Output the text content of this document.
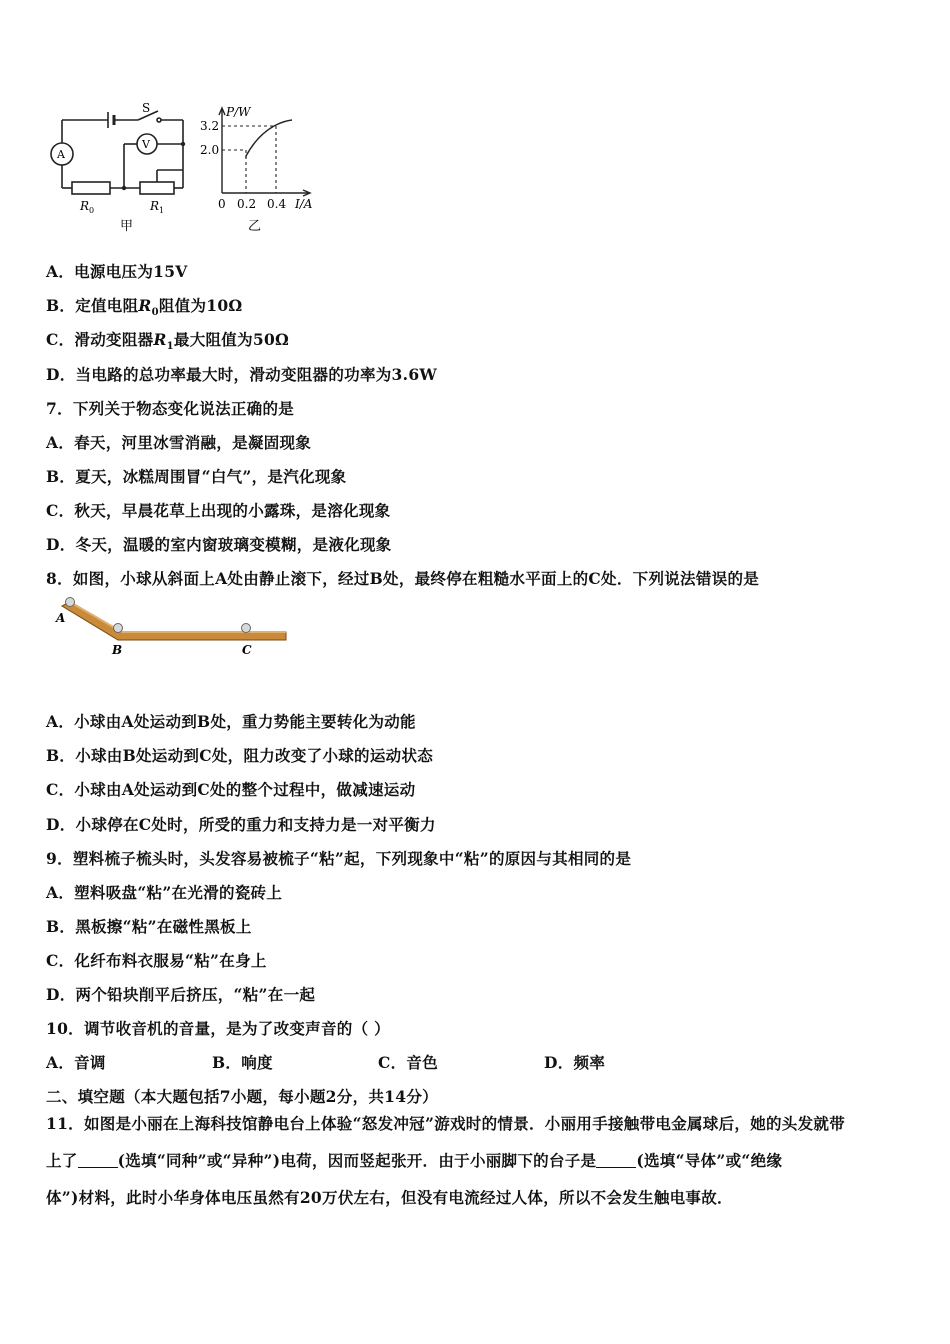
S
A
V
$R_0$	$R_1$
甲
P/W
3.2
2.0
0 0.2 0.4 I/A
乙
A．电源电压为15V
B．定值电阻$R_0$阻值为10Ω
C．滑动变阻器$R_1$最大阻值为50Ω
D．当电路的总功率最大时，滑动变阻器的功率为3.6W
7．下列关于物态变化说法正确的是
A．春天，河里冰雪消融，是凝固现象
B．夏天，冰糕周围冒“白气”，是汽化现象
C．秋天，早晨花草上出现的小露珠，是溶化现象
D．冬天，温暖的室内窗玻璃变模糊，是液化现象
8．如图，小球从斜面上A处由静止滚下，经过B处，最终停在粗糙水平面上的C处．下列说法错误的是
A
B	C
A．小球由A处运动到B处，重力势能主要转化为动能
B．小球由B处运动到C处，阻力改变了小球的运动状态
C．小球由A处运动到C处的整个过程中，做减速运动
D．小球停在C处时，所受的重力和支持力是一对平衡力
9．塑料梳子梳头时，头发容易被梳子“粘”起，下列现象中“粘”的原因与其相同的是
A．塑料吸盘“粘”在光滑的瓷砖上
B．黑板擦“粘”在磁性黑板上
C．化纤布料衣服易“粘”在身上
D．两个铅块削平后挤压，“粘”在一起
10．调节收音机的音量，是为了改变声音的（ ）
A．音调	B．响度	C．音色	D．频率
二、填空题（本大题包括7小题，每小题2分，共14分）
11．如图是小丽在上海科技馆静电台上体验“怒发冲冠”游戏时的情景．小丽用手接触带电金属球后，她的头发就带
上了	(选填“同种”或“异种”)电荷，因而竖起张开．由于小丽脚下的台子是	(选填“导体”或“绝缘
体”)材料，此时小华身体电压虽然有20万伏左右，但没有电流经过人体，所以不会发生触电事故．
